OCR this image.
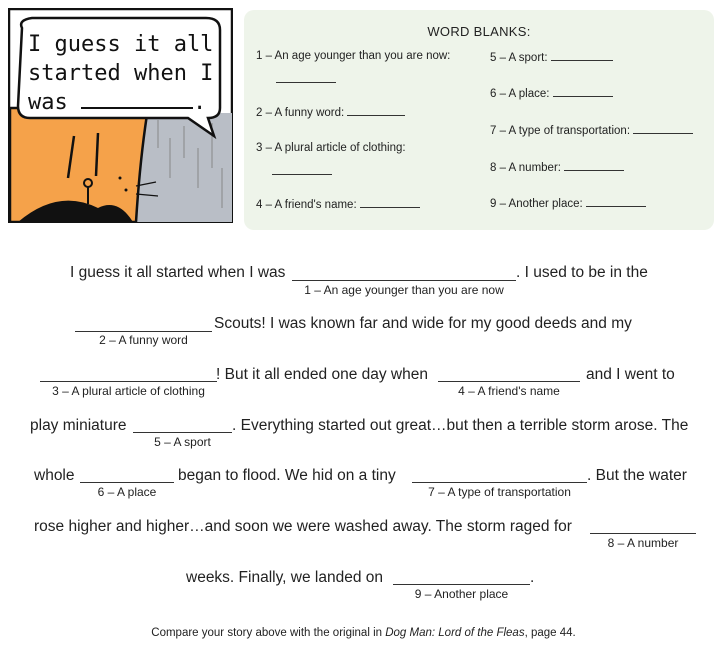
I guess it all
started when I
was	.
WORD BLANKS:
1 – An age younger than you are now:
2 – A funny word:
3 – A plural article of clothing:
4 – A friend's name:
5 – A sport:
6 – A place:
7 – A type of transportation:
8 – A number:
9 – Another place:
I guess it all started when I was	. I used to be in the
1 – An age younger than you are now
Scouts! I was known far and wide for my good deeds and my
2 – A funny word
! But it all ended one day when	and I went to
3 – A plural article of clothing	4 – A friend's name
play miniature	. Everything started out great…but then a terrible storm arose. The
5 – A sport
whole	began to flood. We hid on a tiny	. But the water
6 – A place	7 – A type of transportation
rose higher and higher…and soon we were washed away. The storm raged for
8 – A number
weeks. Finally, we landed on	.
9 – Another place
Compare your story above with the original in Dog Man: Lord of the Fleas, page 44.
